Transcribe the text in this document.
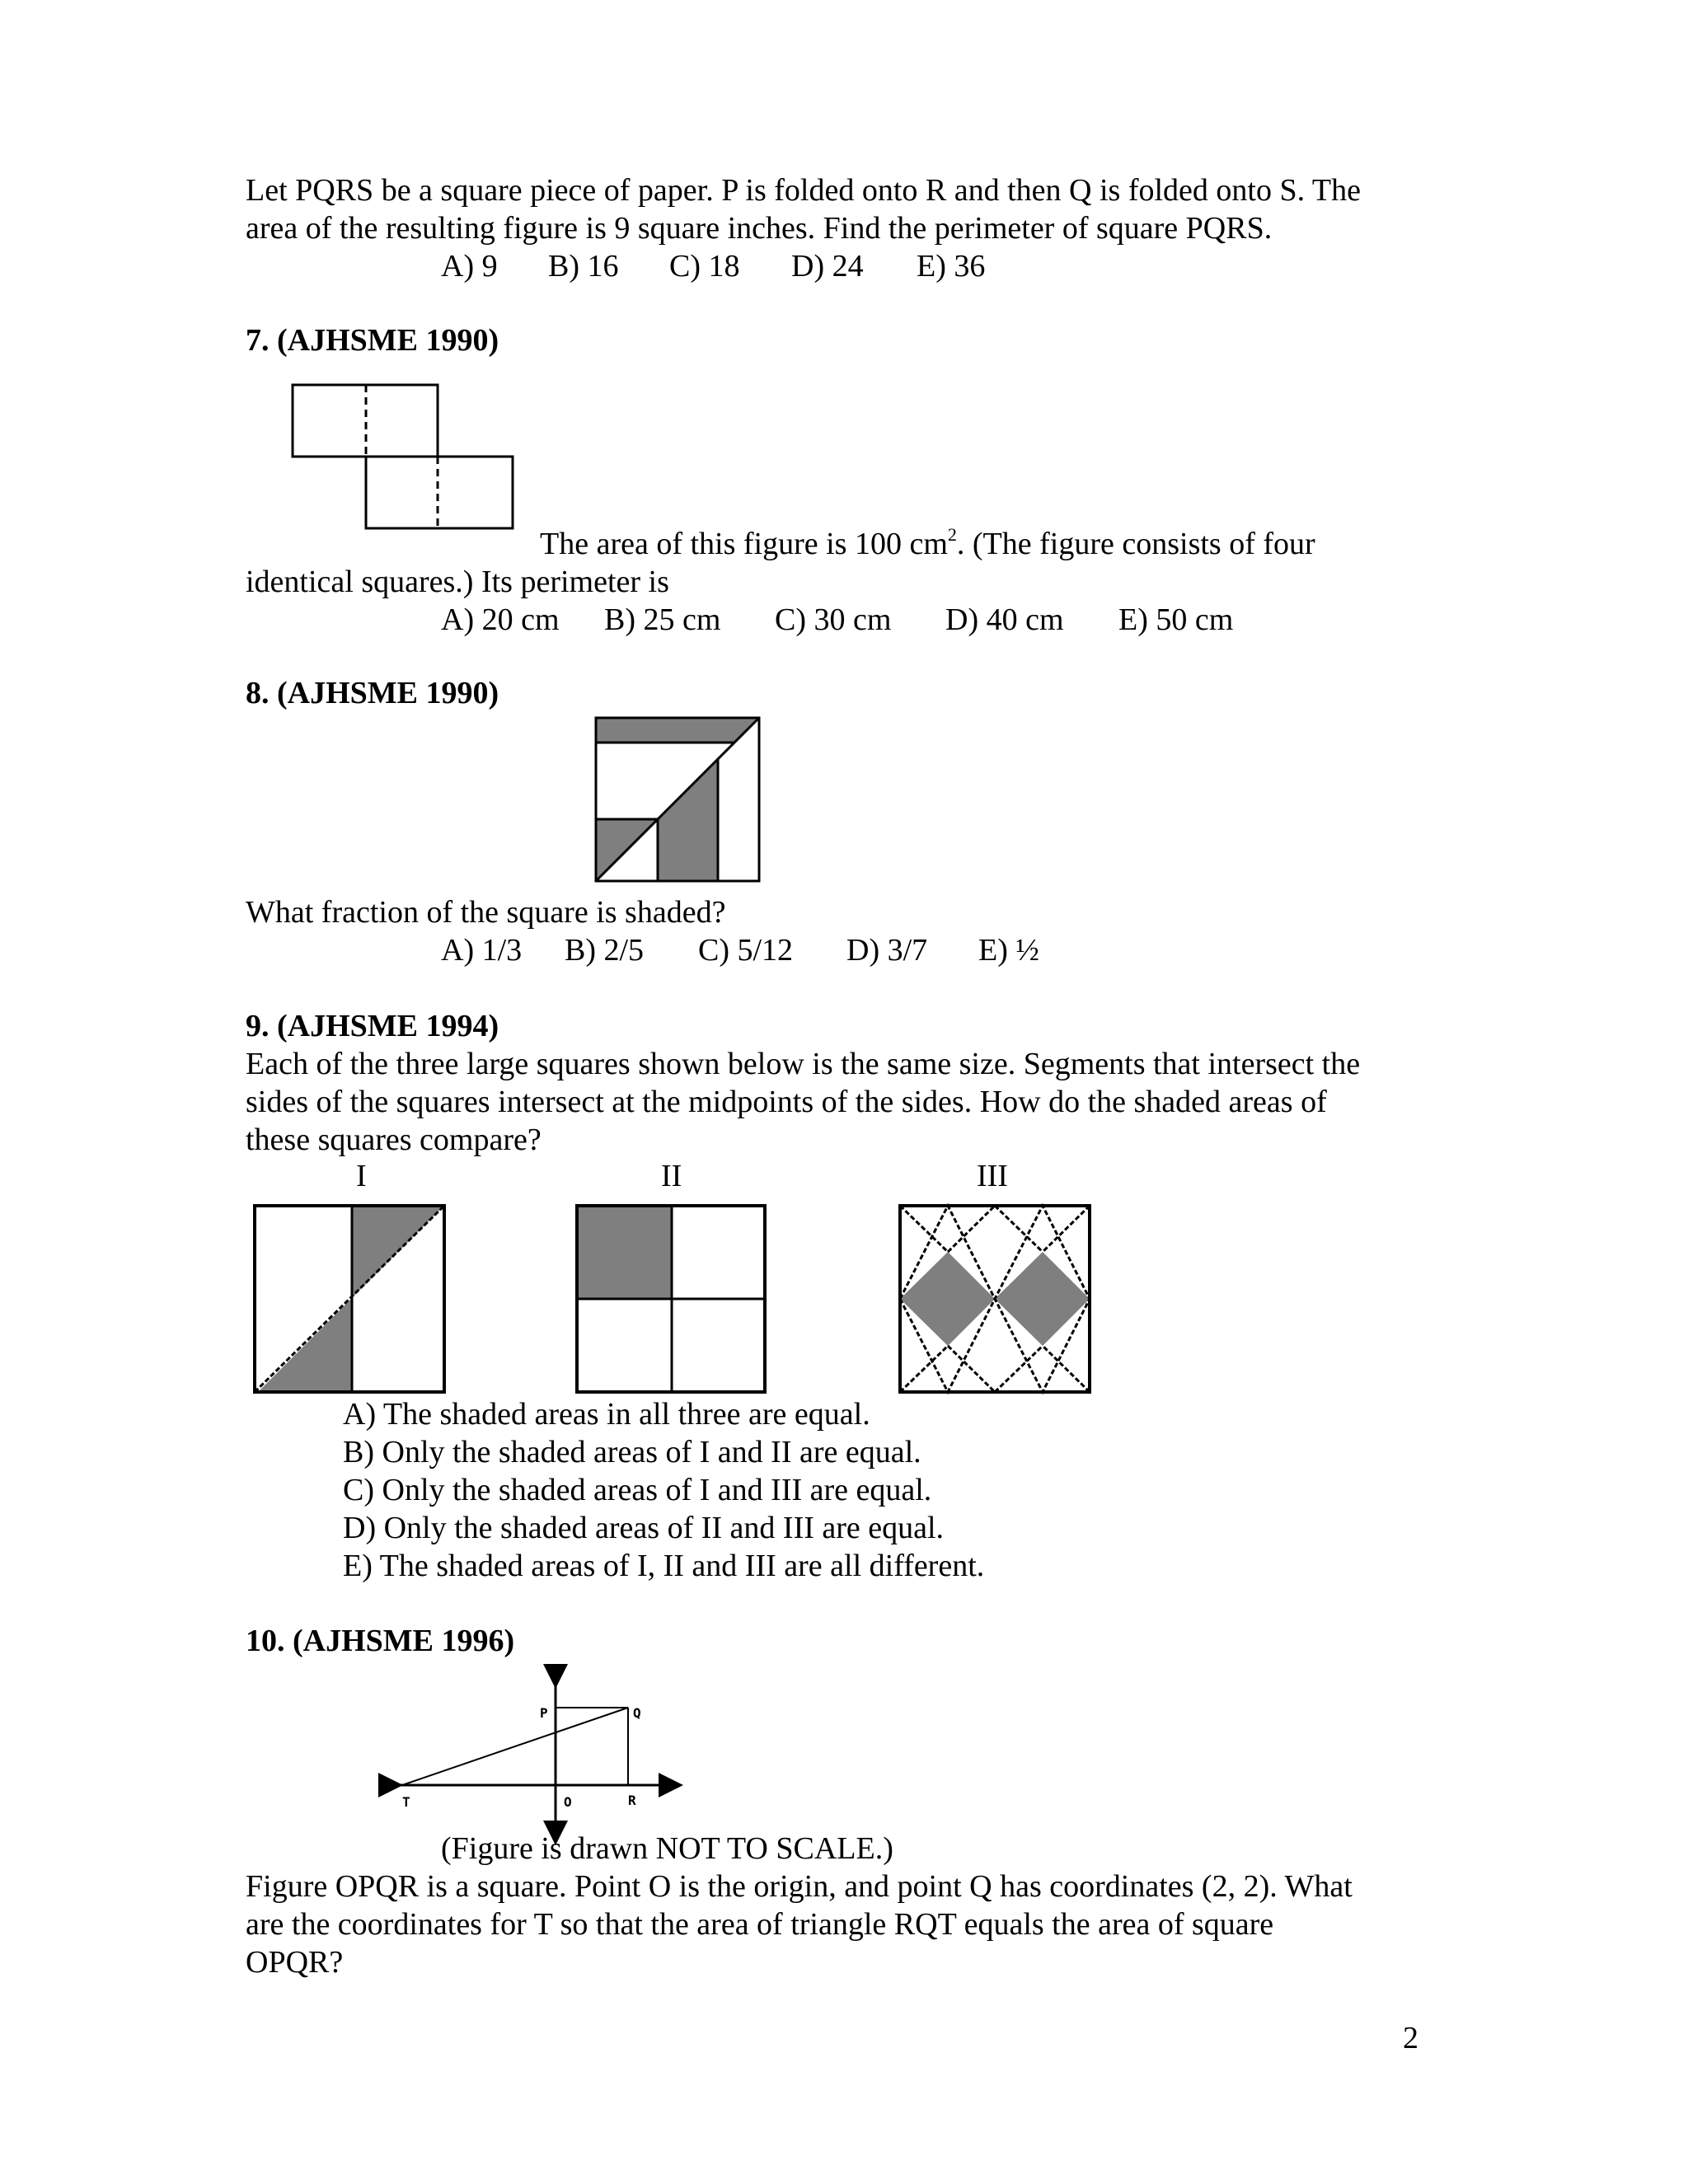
Let PQRS be a square piece of paper. P is folded onto R and then Q is folded onto S. The
area of the resulting figure is 9 square inches. Find the perimeter of square PQRS.
A) 9 B) 16 C) 18 D) 24 E) 36
7. (AJHSME 1990)
The area of this figure is 100 $cm^2$. (The figure consists of four
identical squares.) Its perimeter is
A) 20 cm B) 25 cm C) 30 cm D) 40 cm E) 50 cm
8. (AJHSME 1990)
What fraction of the square is shaded?
A) 1/3 B) 2/5 C) 5/12 D) 3/7 E) ½
9. (AJHSME 1994)
Each of the three large squares shown below is the same size. Segments that intersect the
sides of the squares intersect at the midpoints of the sides. How do the shaded areas of
these squares compare?
I	II	III
A) The shaded areas in all three are equal.
B) Only the shaded areas of I and II are equal.
C) Only the shaded areas of I and III are equal.
D) Only the shaded areas of II and III are equal.
E) The shaded areas of I, II and III are all different.
10. (AJHSME 1996)
P	Q
T	O	R
(Figure is drawn NOT TO SCALE.)
Figure OPQR is a square. Point O is the origin, and point Q has coordinates (2, 2). What
are the coordinates for T so that the area of triangle RQT equals the area of square
OPQR?
2
